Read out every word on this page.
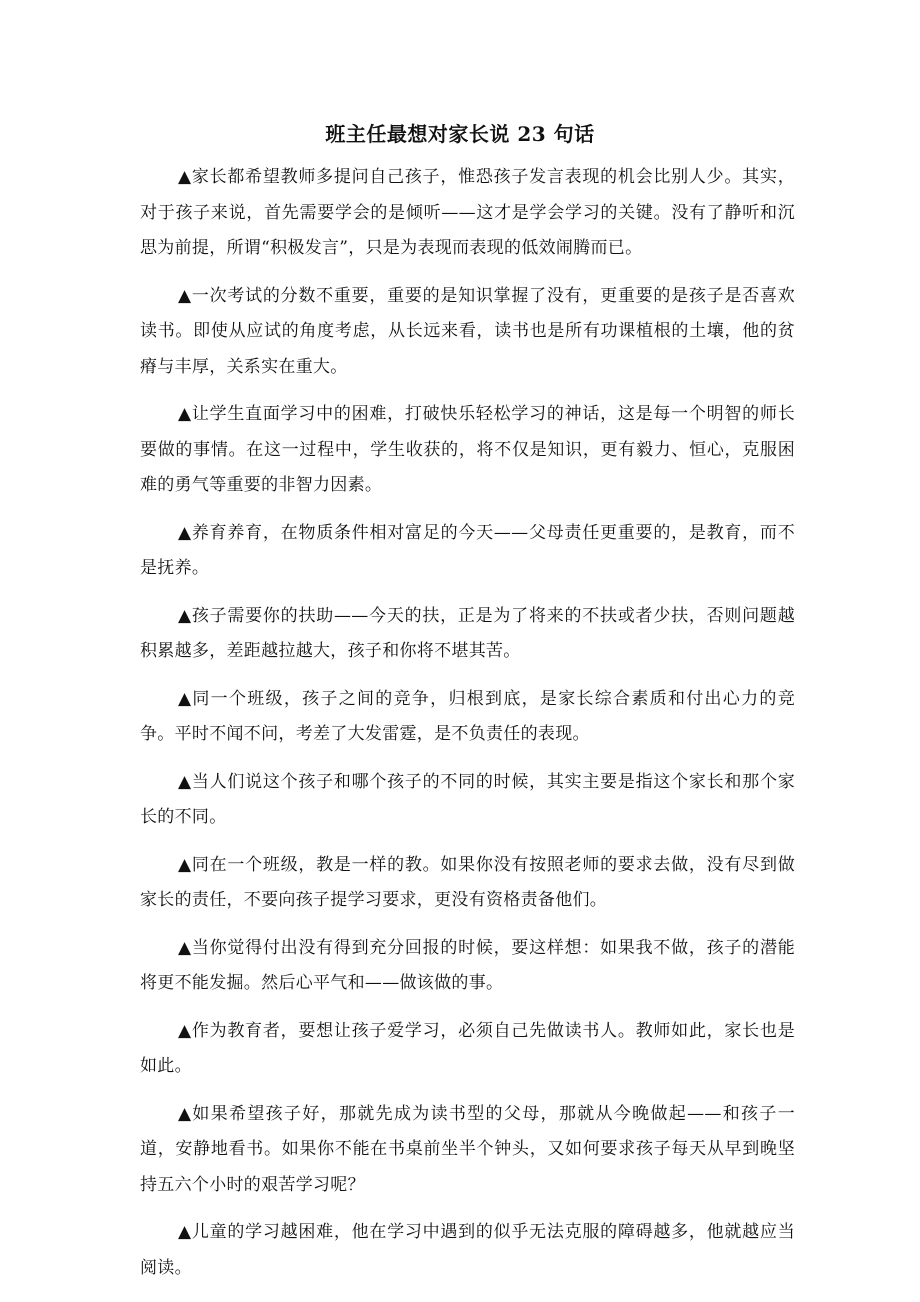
班主任最想对家长说 23 句话

▲家长都希望教师多提问自己孩子，惟恐孩子发言表现的机会比别人少。其实，对于孩子来说，首先需要学会的是倾听——这才是学会学习的关键。没有了静听和沉思为前提，所谓“积极发言”，只是为表现而表现的低效闹腾而已。

▲一次考试的分数不重要，重要的是知识掌握了没有，更重要的是孩子是否喜欢读书。即使从应试的角度考虑，从长远来看，读书也是所有功课植根的土壤，他的贫瘠与丰厚，关系实在重大。

▲让学生直面学习中的困难，打破快乐轻松学习的神话，这是每一个明智的师长要做的事情。在这一过程中，学生收获的，将不仅是知识，更有毅力、恒心，克服困难的勇气等重要的非智力因素。

▲养育养育，在物质条件相对富足的今天——父母责任更重要的，是教育，而不是抚养。

▲孩子需要你的扶助——今天的扶，正是为了将来的不扶或者少扶，否则问题越积累越多，差距越拉越大，孩子和你将不堪其苦。

▲同一个班级，孩子之间的竞争，归根到底，是家长综合素质和付出心力的竞争。平时不闻不问，考差了大发雷霆，是不负责任的表现。

▲当人们说这个孩子和哪个孩子的不同的时候，其实主要是指这个家长和那个家长的不同。

▲同在一个班级，教是一样的教。如果你没有按照老师的要求去做，没有尽到做家长的责任，不要向孩子提学习要求，更没有资格责备他们。

▲当你觉得付出没有得到充分回报的时候，要这样想：如果我不做，孩子的潜能将更不能发掘。然后心平气和——做该做的事。

▲作为教育者，要想让孩子爱学习，必须自己先做读书人。教师如此，家长也是如此。

▲如果希望孩子好，那就先成为读书型的父母，那就从今晚做起——和孩子一道，安静地看书。如果你不能在书桌前坐半个钟头，又如何要求孩子每天从早到晚坚持五六个小时的艰苦学习呢？

▲儿童的学习越困难，他在学习中遇到的似乎无法克服的障碍越多，他就越应当阅读。
